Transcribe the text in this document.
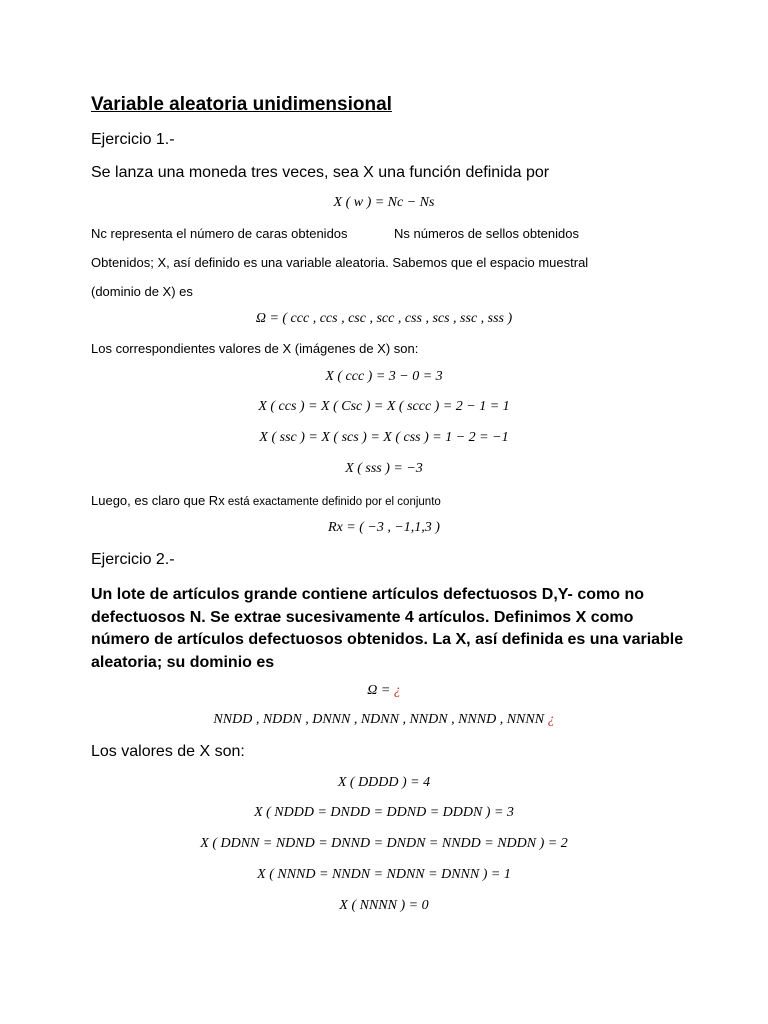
Variable aleatoria unidimensional
Ejercicio 1.-
Se lanza una moneda tres veces, sea X una función definida por
X ( w ) = Nc − Ns
Nc representa el número de caras obtenidos	Ns números de sellos obtenidos
Obtenidos; X, así definido es una variable aleatoria. Sabemos que el espacio muestral
(dominio de X) es
Ω = ( ccc , ccs , csc , scc , css , scs , ssc , sss )
Los correspondientes valores de X (imágenes de X) son:
X ( ccc ) = 3 − 0 = 3
X ( ccs ) = X ( Csc ) = X ( sccc ) = 2 − 1 = 1
X ( ssc ) = X ( scs ) = X ( css ) = 1 − 2 = −1
X ( sss ) = −3
Luego, es claro que Rx está exactamente definido por el conjunto
Rx = ( −3 , −1,1,3 )
Ejercicio 2.-
Un lote de artículos grande contiene artículos defectuosos D,Y- como no defectuosos N. Se extrae sucesivamente 4 artículos. Definimos X como número de artículos defectuosos obtenidos. La X, así definida es una variable aleatoria; su dominio es
Ω = ¿
NNDD , NDDN , DNNN , NDNN , NNDN , NNND , NNNN ¿
Los valores de X son:
X ( DDDD ) = 4
X ( NDDD = DNDD = DDND = DDDN ) = 3
X ( DDNN = NDND = DNND = DNDN = NNDD = NDDN ) = 2
X ( NNND = NNDN = NDNN = DNNN ) = 1
X ( NNNN ) = 0
